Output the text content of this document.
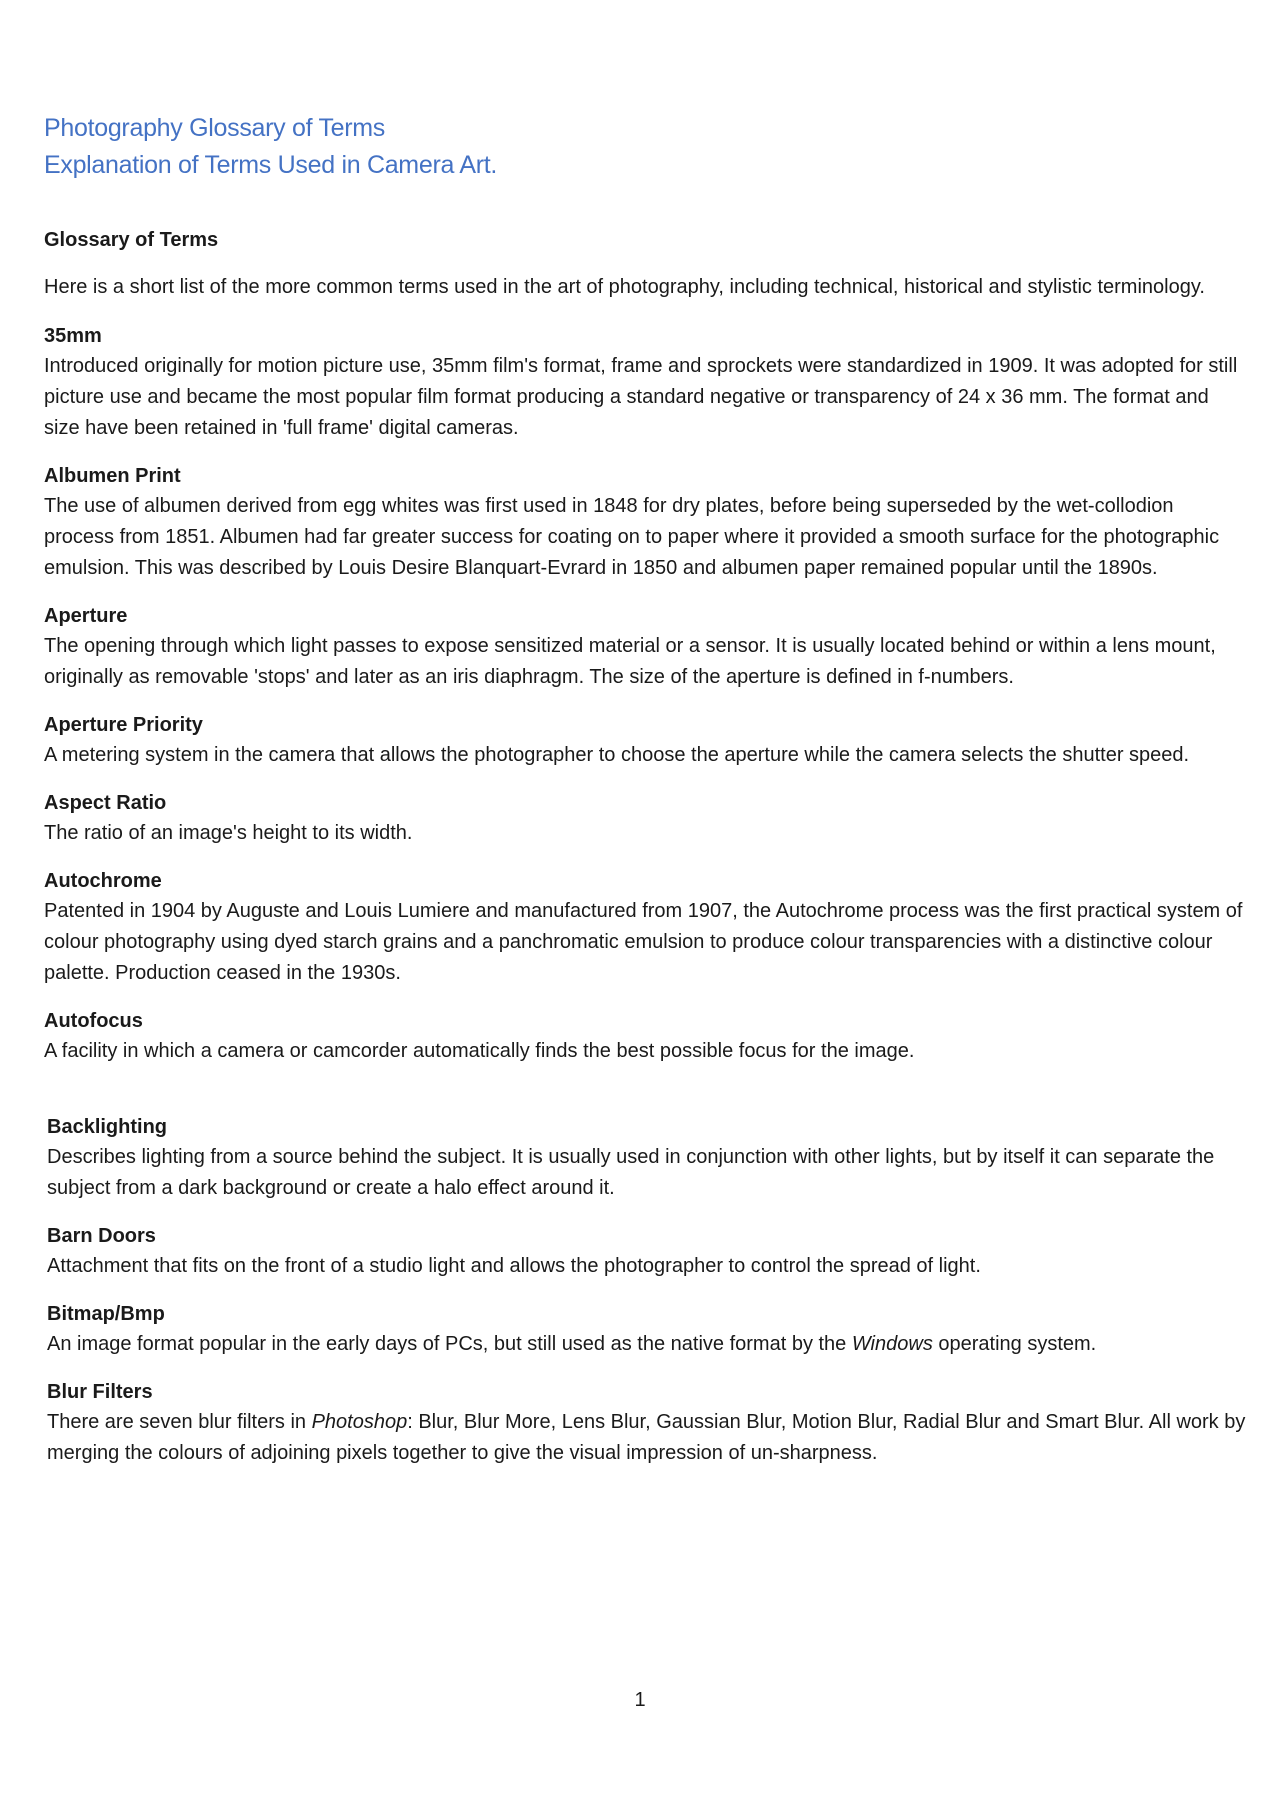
Photography Glossary of Terms
Explanation of Terms Used in Camera Art.
Glossary of Terms
Here is a short list of the more common terms used in the art of photography, including technical, historical and stylistic terminology.
35mm
Introduced originally for motion picture use, 35mm film's format, frame and sprockets were standardized in 1909. It was adopted for still picture use and became the most popular film format producing a standard negative or transparency of 24 x 36 mm. The format and size have been retained in 'full frame' digital cameras.
Albumen Print
The use of albumen derived from egg whites was first used in 1848 for dry plates, before being superseded by the wet-collodion process from 1851. Albumen had far greater success for coating on to paper where it provided a smooth surface for the photographic emulsion. This was described by Louis Desire Blanquart-Evrard in 1850 and albumen paper remained popular until the 1890s.
Aperture
The opening through which light passes to expose sensitized material or a sensor. It is usually located behind or within a lens mount, originally as removable 'stops' and later as an iris diaphragm. The size of the aperture is defined in f-numbers.
Aperture Priority
A metering system in the camera that allows the photographer to choose the aperture while the camera selects the shutter speed.
Aspect Ratio
The ratio of an image's height to its width.
Autochrome
Patented in 1904 by Auguste and Louis Lumiere and manufactured from 1907, the Autochrome process was the first practical system of colour photography using dyed starch grains and a panchromatic emulsion to produce colour transparencies with a distinctive colour palette. Production ceased in the 1930s.
Autofocus
A facility in which a camera or camcorder automatically finds the best possible focus for the image.
Backlighting
Describes lighting from a source behind the subject. It is usually used in conjunction with other lights, but by itself it can separate the subject from a dark background or create a halo effect around it.
Barn Doors
Attachment that fits on the front of a studio light and allows the photographer to control the spread of light.
Bitmap/Bmp
An image format popular in the early days of PCs, but still used as the native format by the Windows operating system.
Blur Filters
There are seven blur filters in Photoshop: Blur, Blur More, Lens Blur, Gaussian Blur, Motion Blur, Radial Blur and Smart Blur. All work by merging the colours of adjoining pixels together to give the visual impression of un-sharpness.
1
